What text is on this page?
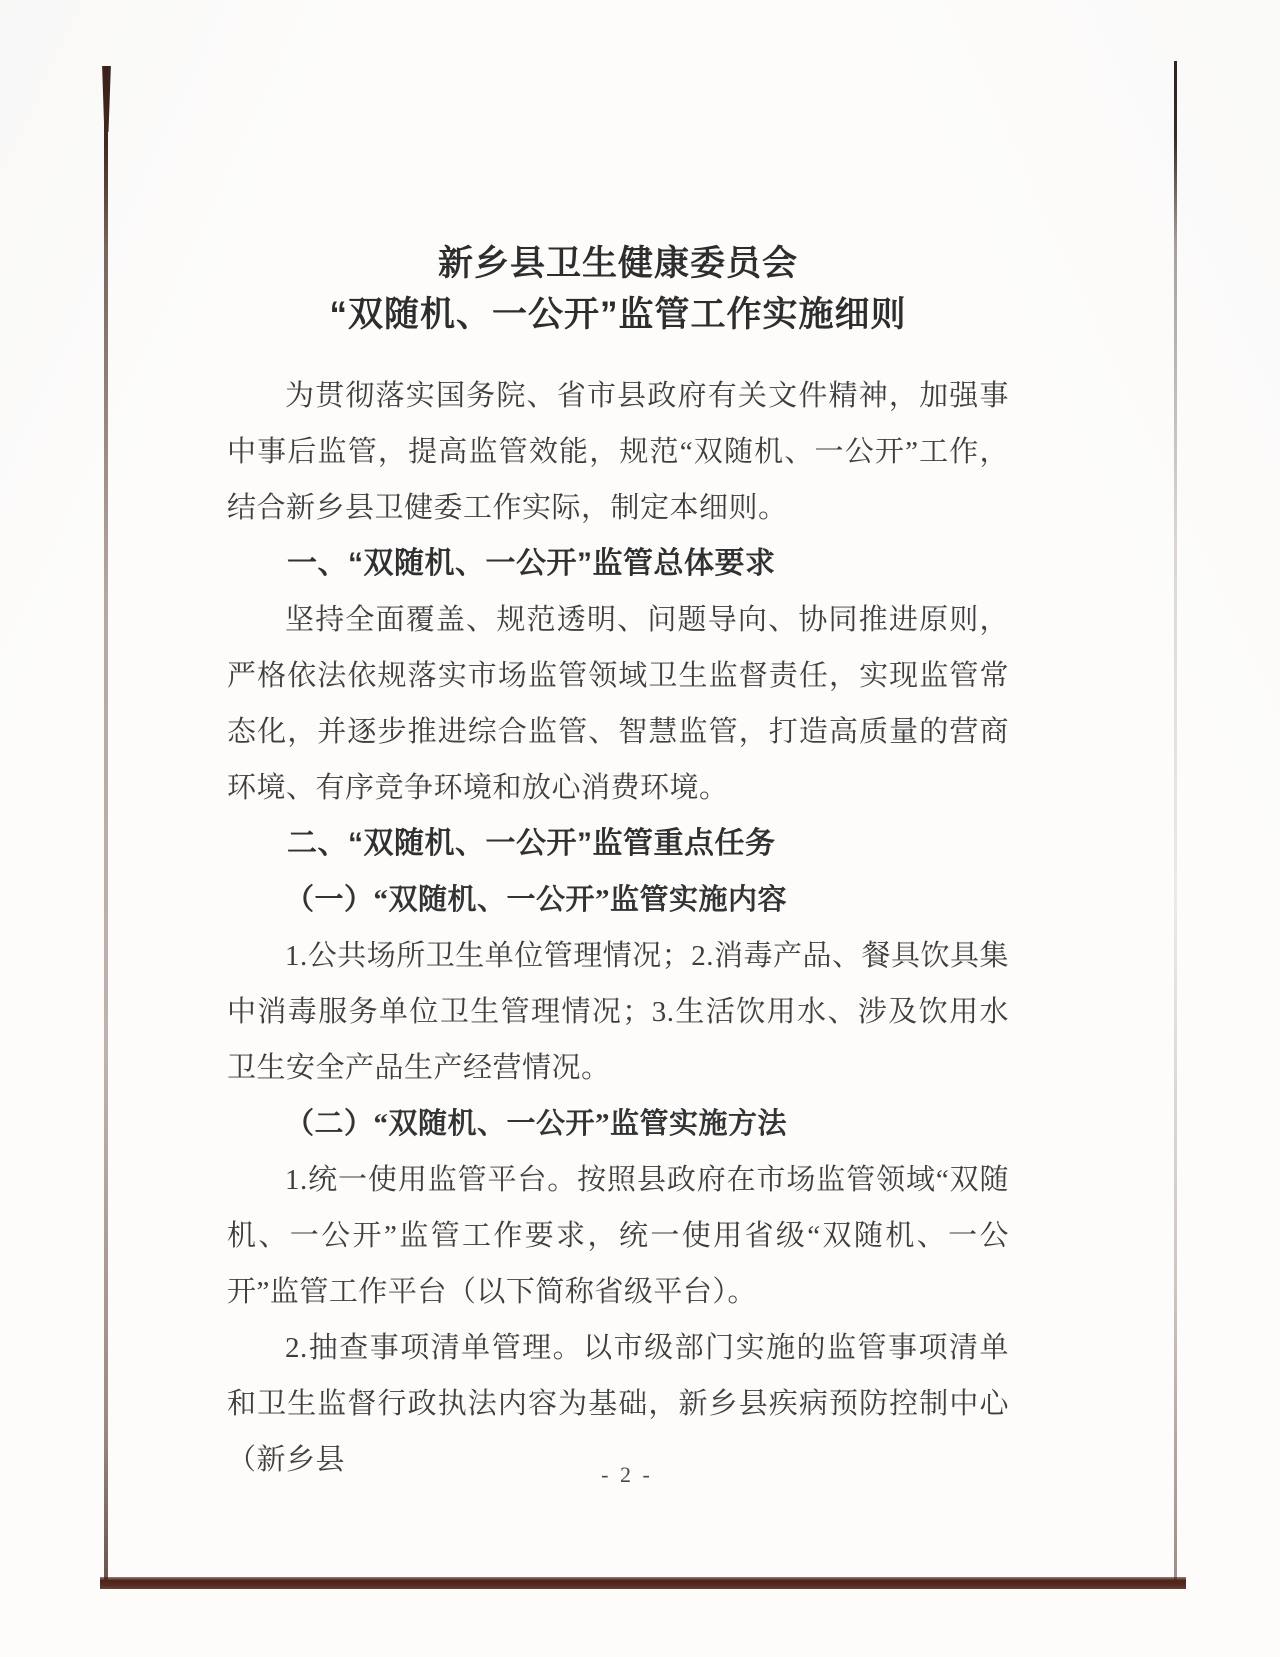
新乡县卫生健康委员会
“双随机、一公开”监管工作实施细则

为贯彻落实国务院、省市县政府有关文件精神，加强事中事后监管，提高监管效能，规范“双随机、一公开”工作，结合新乡县卫健委工作实际，制定本细则。

一、“双随机、一公开”监管总体要求

坚持全面覆盖、规范透明、问题导向、协同推进原则，严格依法依规落实市场监管领域卫生监督责任，实现监管常态化，并逐步推进综合监管、智慧监管，打造高质量的营商环境、有序竞争环境和放心消费环境。

二、“双随机、一公开”监管重点任务

（一）“双随机、一公开”监管实施内容

1.公共场所卫生单位管理情况；2.消毒产品、餐具饮具集中消毒服务单位卫生管理情况；3.生活饮用水、涉及饮用水卫生安全产品生产经营情况。

（二）“双随机、一公开”监管实施方法

1.统一使用监管平台。按照县政府在市场监管领域“双随机、一公开”监管工作要求，统一使用省级“双随机、一公开”监管工作平台（以下简称省级平台）。

2.抽查事项清单管理。以市级部门实施的监管事项清单和卫生监督行政执法内容为基础，新乡县疾病预防控制中心（新乡县	- 2 -
